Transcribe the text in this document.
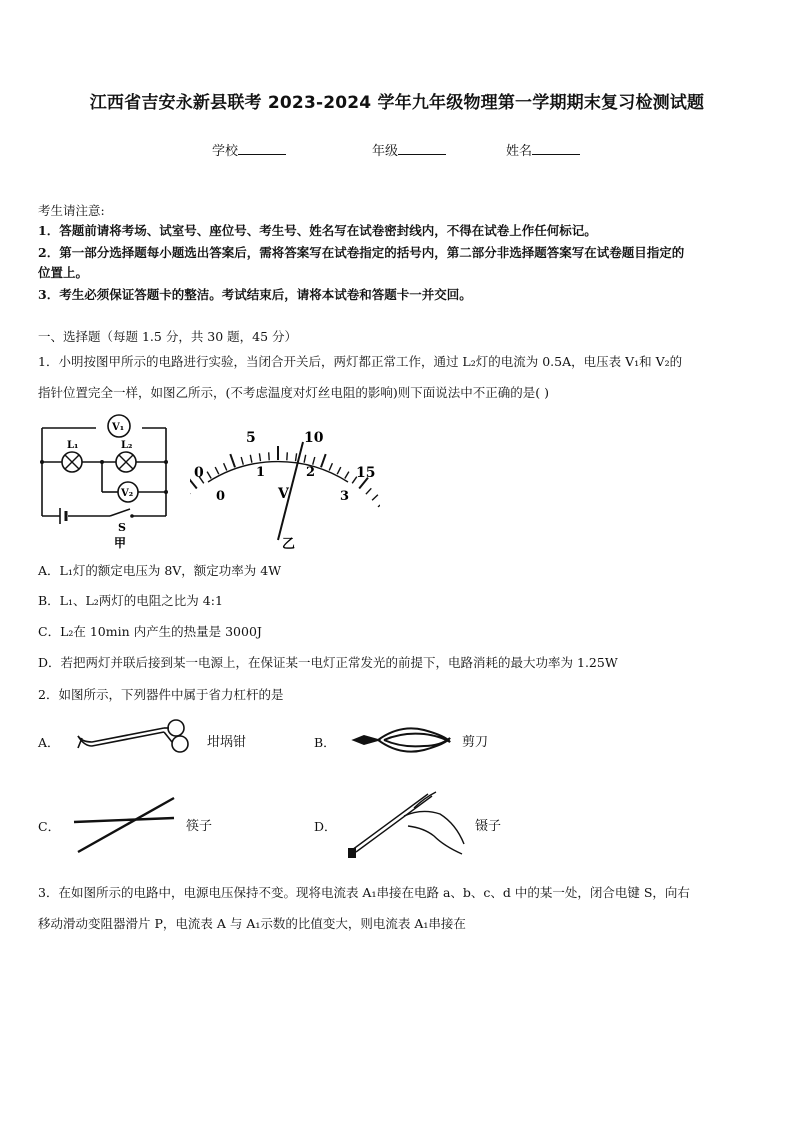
江西省吉安永新县联考 2023-2024 学年九年级物理第一学期期末复习检测试题
学校	年级	姓名
考生请注意:
1．答题前请将考场、试室号、座位号、考生号、姓名写在试卷密封线内，不得在试卷上作任何标记。
2．第一部分选择题每小题选出答案后，需将答案写在试卷指定的括号内，第二部分非选择题答案写在试卷题目指定的
位置上。
3．考生必须保证答题卡的整洁。考试结束后，请将本试卷和答题卡一并交回。
一、选择题（每题 1.5 分，共 30 题，45 分）
1．小明按图甲所示的电路进行实验，当闭合开关后，两灯都正常工作，通过 L₂灯的电流为 0.5A，电压表 V₁和 V₂的
指针位置完全一样，如图乙所示，(不考虑温度对灯丝电阻的影响)则下面说法中不正确的是( )
V₁
V₂
L₁	L₂
S
甲
0
5	10
15
0
1	2
3
V
乙
A．L₁灯的额定电压为 8V，额定功率为 4W
B．L₁、L₂两灯的电阻之比为 4:1
C．L₂在 10min 内产生的热量是 3000J
D．若把两灯并联后接到某一电源上，在保证某一电灯正常发光的前提下，电路消耗的最大功率为 1.25W
2．如图所示，下列器件中属于省力杠杆的是
A．	坩埚钳	B．	剪刀
C．	筷子	D．	镊子
3．在如图所示的电路中，电源电压保持不变。现将电流表 A₁串接在电路 a、b、c、d 中的某一处，闭合电键 S，向右
移动滑动变阻器滑片 P，电流表 A 与 A₁示数的比值变大，则电流表 A₁串接在
